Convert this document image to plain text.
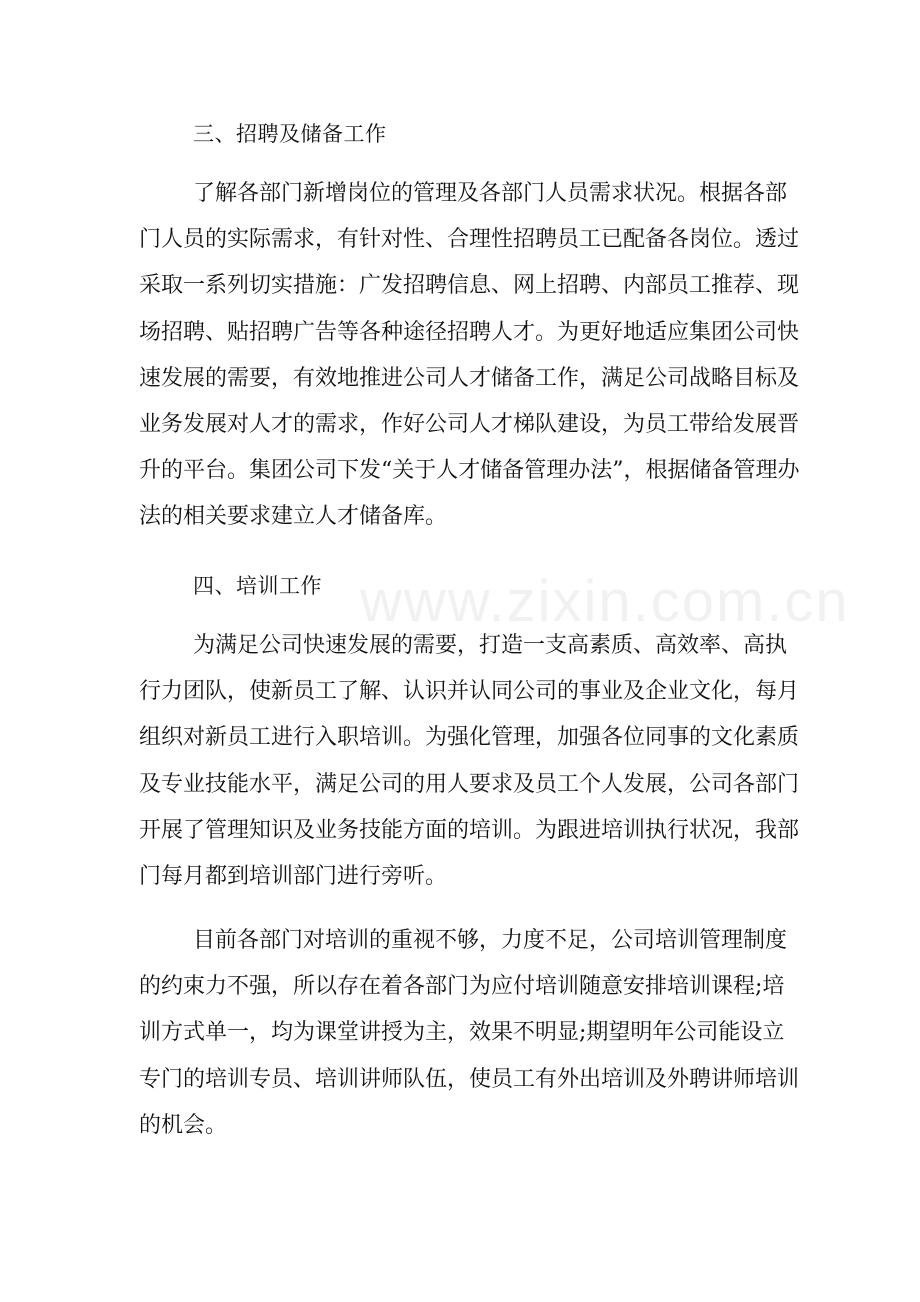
三、招聘及储备工作
了解各部门新增岗位的管理及各部门人员需求状况。根据各部
门人员的实际需求，有针对性、合理性招聘员工已配备各岗位。透过
采取一系列切实措施：广发招聘信息、网上招聘、内部员工推荐、现
场招聘、贴招聘广告等各种途径招聘人才。为更好地适应集团公司快
速发展的需要，有效地推进公司人才储备工作，满足公司战略目标及
业务发展对人才的需求，作好公司人才梯队建设，为员工带给发展晋
升的平台。集团公司下发“关于人才储备管理办法”，根据储备管理办
法的相关要求建立人才储备库。
四、培训工作
为满足公司快速发展的需要，打造一支高素质、高效率、高执
行力团队，使新员工了解、认识并认同公司的事业及企业文化，每月
组织对新员工进行入职培训。为强化管理，加强各位同事的文化素质
及专业技能水平，满足公司的用人要求及员工个人发展，公司各部门
开展了管理知识及业务技能方面的培训。为跟进培训执行状况，我部
门每月都到培训部门进行旁听。
目前各部门对培训的重视不够，力度不足，公司培训管理制度
的约束力不强，所以存在着各部门为应付培训随意安排培训课程;培
训方式单一，均为课堂讲授为主，效果不明显;期望明年公司能设立
专门的培训专员、培训讲师队伍，使员工有外出培训及外聘讲师培训
的机会。
www.zixin.com.cn
